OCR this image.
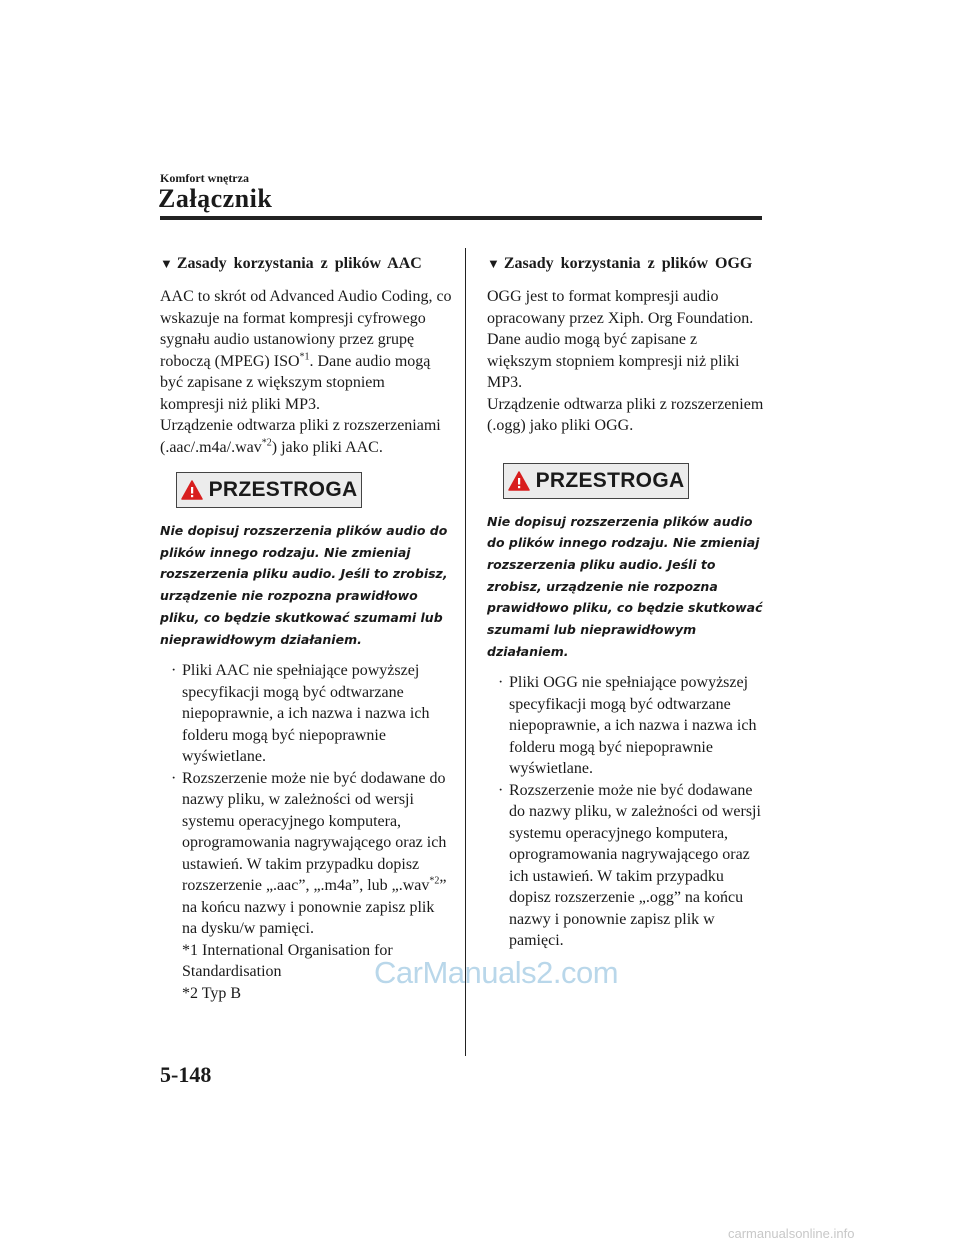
Komfort wnętrza
Załącznik
▼ Zasady korzystania z plików AAC

AAC to skrót od Advanced Audio Coding, co wskazuje na format kompresji cyfrowego sygnału audio ustanowiony przez grupę roboczą (MPEG) ISO$^{*1}$. Dane audio mogą być zapisane z większym stopniem kompresji niż pliki MP3.

Urządzenie odtwarza pliki z rozszerzeniami (.aac/.m4a/.wav$^{*2}$) jako pliki AAC.

PRZESTROGA

Nie dopisuj rozszerzenia plików audio do plików innego rodzaju. Nie zmieniaj rozszerzenia pliku audio. Jeśli to zrobisz, urządzenie nie rozpozna prawidłowo pliku, co będzie skutkować szumami lub nieprawidłowym działaniem.

· Pliki AAC nie spełniające powyższej specyfikacji mogą być odtwarzane niepoprawnie, a ich nazwa i nazwa ich folderu mogą być niepoprawnie wyświetlane.

· Rozszerzenie może nie być dodawane do nazwy pliku, w zależności od wersji systemu operacyjnego komputera, oprogramowania nagrywającego oraz ich ustawień. W takim przypadku dopisz rozszerzenie „.aac”, „.m4a”, lub „.wav$^{*2}$” na końcu nazwy i ponownie zapisz plik na dysku/w pamięci.

*1 International Organisation for Standardisation

*2 Typ B

▼ Zasady korzystania z plików OGG

OGG jest to format kompresji audio opracowany przez Xiph. Org Foundation. Dane audio mogą być zapisane z większym stopniem kompresji niż pliki MP3.

Urządzenie odtwarza pliki z rozszerzeniem (.ogg) jako pliki OGG.

PRZESTROGA

Nie dopisuj rozszerzenia plików audio do plików innego rodzaju. Nie zmieniaj rozszerzenia pliku audio. Jeśli to zrobisz, urządzenie nie rozpozna prawidłowo pliku, co będzie skutkować szumami lub nieprawidłowym działaniem.

· Pliki OGG nie spełniające powyższej specyfikacji mogą być odtwarzane niepoprawnie, a ich nazwa i nazwa ich folderu mogą być niepoprawnie wyświetlane.

· Rozszerzenie może nie być dodawane do nazwy pliku, w zależności od wersji systemu operacyjnego komputera, oprogramowania nagrywającego oraz ich ustawień. W takim przypadku dopisz rozszerzenie „.ogg” na końcu nazwy i ponownie zapisz plik w pamięci.

CarManuals2.com
5-148
carmanualsonline.info
